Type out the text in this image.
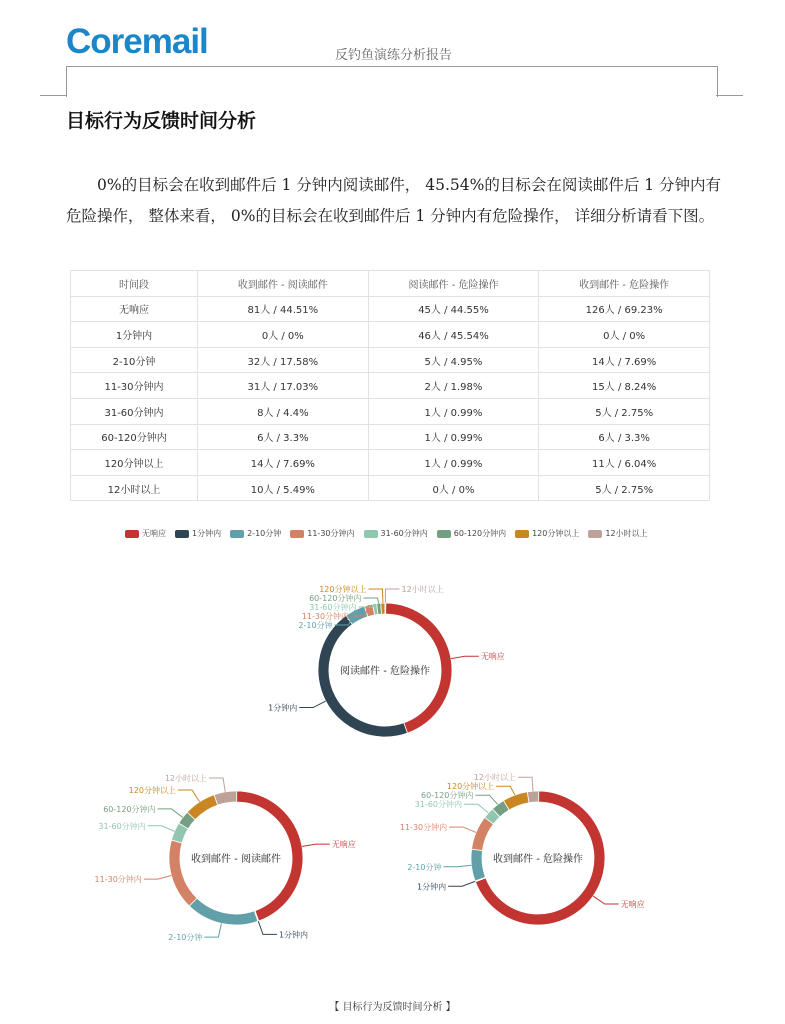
Coremail	反钓鱼演练分析报告
目标行为反馈时间分析

0%的目标会在收到邮件后 1 分钟内阅读邮件， 45.54%的目标会在阅读邮件后 1 分钟内有危险操作， 整体来看， 0%的目标会在收到邮件后 1 分钟内有危险操作， 详细分析请看下图。

时间段	收到邮件 - 阅读邮件	阅读邮件 - 危险操作	收到邮件 - 危险操作
无响应	81人 / 44.51%	45人 / 44.55%	126人 / 69.23%
1分钟内	0人 / 0%	46人 / 45.54%	0人 / 0%
2-10分钟	32人 / 17.58%	5人 / 4.95%	14人 / 7.69%
11-30分钟内	31人 / 17.03%	2人 / 1.98%	15人 / 8.24%
31-60分钟内	8人 / 4.4%	1人 / 0.99%	5人 / 2.75%
60-120分钟内	6人 / 3.3%	1人 / 0.99%	6人 / 3.3%
120分钟以上	14人 / 7.69%	1人 / 0.99%	11人 / 6.04%
12小时以上	10人 / 5.49%	0人 / 0%	5人 / 2.75%
无响应	1分钟内	2-10分钟	11-30分钟内	31-60分钟内	60-120分钟内	120分钟以上	12小时以上
12小时以上
无响应
120分钟以上
60-120分钟内
31-60分钟内
11-30分钟内
2-10分钟
1分钟内
阅读邮件 - 危险操作
无响应
1分钟内
12小时以上
120分钟以上
60-120分钟内
31-60分钟内
11-30分钟内
2-10分钟
收到邮件 - 阅读邮件
无响应
12小时以上
120分钟以上
60-120分钟内
31-60分钟内
11-30分钟内
2-10分钟
1分钟内
收到邮件 - 危险操作
【 目标行为反馈时间分析 】
